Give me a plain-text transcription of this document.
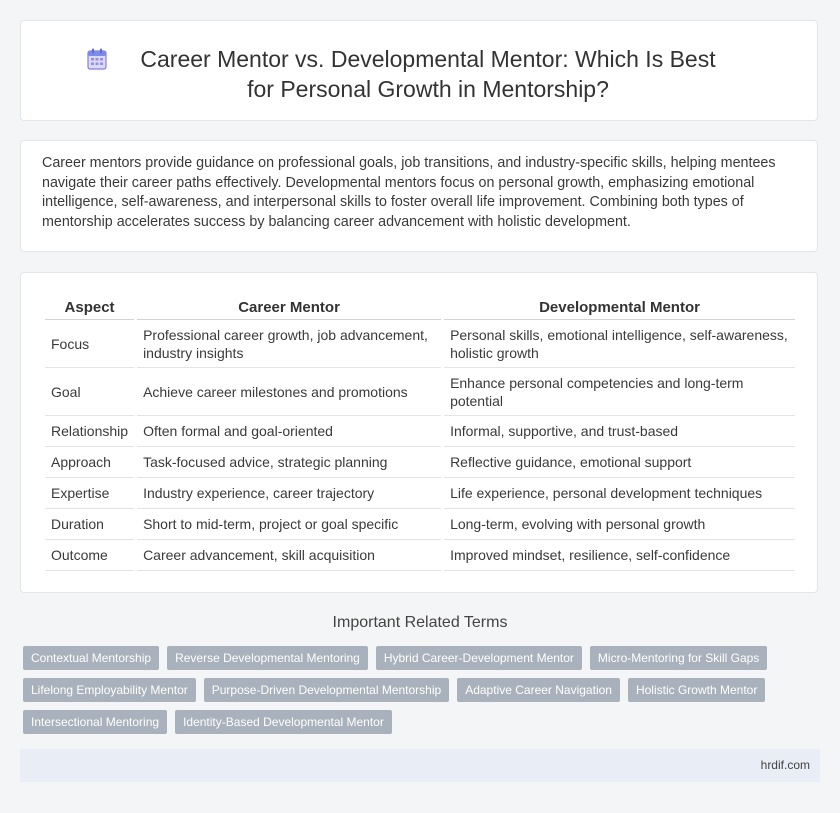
Career Mentor vs. Developmental Mentor: Which Is Best for Personal Growth in Mentorship?

Career mentors provide guidance on professional goals, job transitions, and industry-specific skills, helping mentees navigate their career paths effectively. Developmental mentors focus on personal growth, emphasizing emotional intelligence, self-awareness, and interpersonal skills to foster overall life improvement. Combining both types of mentorship accelerates success by balancing career advancement with holistic development.

Aspect	Career Mentor	Developmental Mentor
Focus	Professional career growth, job advancement, industry insights	Personal skills, emotional intelligence, self-awareness, holistic growth
Goal	Achieve career milestones and promotions	Enhance personal competencies and long-term potential
Relationship	Often formal and goal-oriented	Informal, supportive, and trust-based
Approach	Task-focused advice, strategic planning	Reflective guidance, emotional support
Expertise	Industry experience, career trajectory	Life experience, personal development techniques
Duration	Short to mid-term, project or goal specific	Long-term, evolving with personal growth
Outcome	Career advancement, skill acquisition	Improved mindset, resilience, self-confidence
Important Related Terms
Contextual Mentorship	Reverse Developmental Mentoring	Hybrid Career-Development Mentor	Micro-Mentoring for Skill Gaps
Lifelong Employability Mentor	Purpose-Driven Developmental Mentorship	Adaptive Career Navigation	Holistic Growth Mentor
Intersectional Mentoring	Identity-Based Developmental Mentor
hrdif.com
